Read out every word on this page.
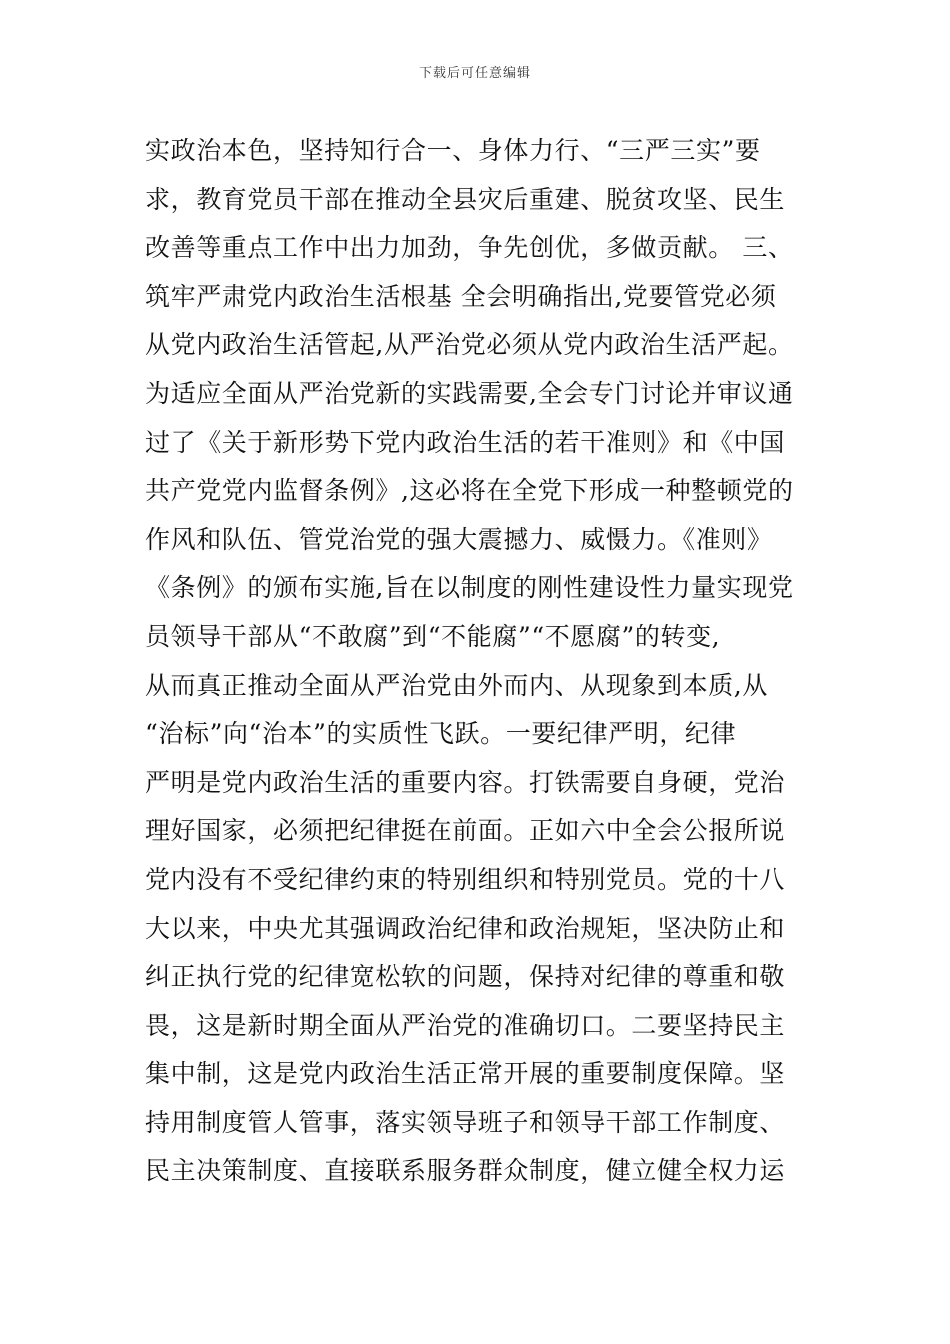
下载后可任意编辑
实政治本色，坚持知行合一、身体力行、“三严三实”要
求，教育党员干部在推动全县灾后重建、脱贫攻坚、民生
改善等重点工作中出力加劲，争先创优，多做贡献。 三、
筑牢严肃党内政治生活根基 全会明确指出,党要管党必须
从党内政治生活管起,从严治党必须从党内政治生活严起。
为适应全面从严治党新的实践需要,全会专门讨论并审议通
过了《关于新形势下党内政治生活的若干准则》和《中国
共产党党内监督条例》,这必将在全党下形成一种整顿党的
作风和队伍、管党治党的强大震撼力、威慑力。《准则》
《条例》的颁布实施,旨在以制度的刚性建设性力量实现党
员领导干部从“不敢腐”到“不能腐”“不愿腐”的转变,
从而真正推动全面从严治党由外而内、从现象到本质,从
“治标”向“治本”的实质性飞跃。一要纪律严明，纪律
严明是党内政治生活的重要内容。打铁需要自身硬，党治
理好国家，必须把纪律挺在前面。正如六中全会公报所说
党内没有不受纪律约束的特别组织和特别党员。党的十八
大以来，中央尤其强调政治纪律和政治规矩，坚决防止和
纠正执行党的纪律宽松软的问题，保持对纪律的尊重和敬
畏，这是新时期全面从严治党的准确切口。二要坚持民主
集中制，这是党内政治生活正常开展的重要制度保障。坚
持用制度管人管事，落实领导班子和领导干部工作制度、
民主决策制度、直接联系服务群众制度，健立健全权力运
